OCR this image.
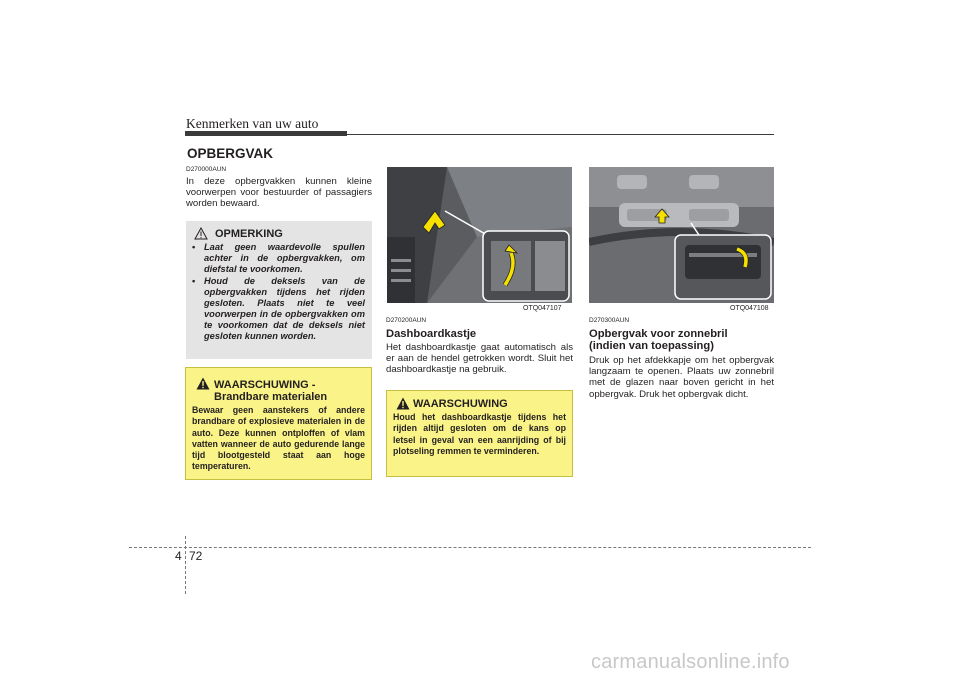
Kenmerken van uw auto
OPBERGVAK
D270000AUN
In deze opbergvakken kunnen kleine voorwerpen voor bestuurder of passagiers worden bewaard.
OPMERKING
• Laat geen waardevolle spullen achter in de opbergvakken, om diefstal te voorkomen.
• Houd de deksels van de opbergvakken tijdens het rijden gesloten. Plaats niet te veel voorwerpen in de opbergvakken om te voorkomen dat de deksels niet gesloten kunnen worden.
WAARSCHUWING -
Brandbare materialen
Bewaar geen aanstekers of andere brandbare of explosieve materialen in de auto. Deze kunnen ontploffen of vlam vatten wanneer de auto gedurende lange tijd blootgesteld staat aan hoge temperaturen.
OTQ047107
D270200AUN
Dashboardkastje
Het dashboardkastje gaat automatisch als er aan de hendel getrokken wordt. Sluit het dashboardkastje na gebruik.
WAARSCHUWING
Houd het dashboardkastje tijdens het rijden altijd gesloten om de kans op letsel in geval van een aanrijding of bij plotseling remmen te verminderen.
OTQ047108
D270300AUN
Opbergvak voor zonnebril
(indien van toepassing)
Druk op het afdekkapje om het opbergvak langzaam te openen. Plaats uw zonnebril met de glazen naar boven gericht in het opbergvak. Druk het opbergvak dicht.
4 72
carmanualsonline.info
